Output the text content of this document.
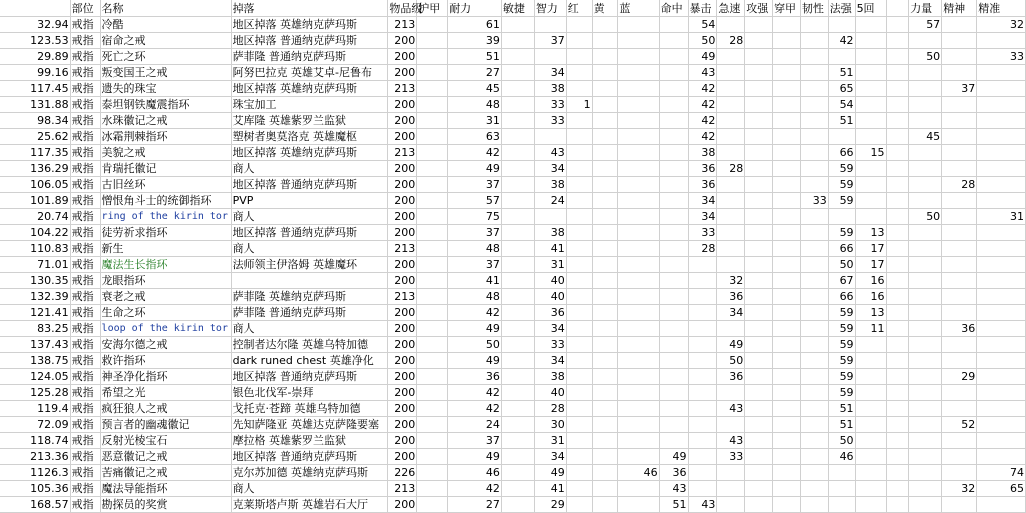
	部位	名称	掉落	物品级	护甲	耐力	敏捷	智力	红	黄	蓝	命中	暴击	急速	攻强	穿甲	韧性	法强	5回		力量	精神	精准
32.94	戒指	冷酷	地区掉落 英雄纳克萨玛斯	213		61							54								57		32
123.53	戒指	宿命之戒	地区掉落 普通纳克萨玛斯	200		39		37					50	28				42					
29.89	戒指	死亡之环	萨菲隆 普通纳克萨玛斯	200		51							49								50		33
99.16	戒指	叛变国王之戒	阿努巴拉克 英雄艾卓-尼鲁布	200		27		34					43					51					
117.45	戒指	遗失的珠宝	地区掉落 英雄纳克萨玛斯	213		45		38					42					65				37	
131.88	戒指	泰坦钢铁魔震指环	珠宝加工	200		48		33	1				42					54					
98.34	戒指	水珠徽记之戒	艾库隆 英雄紫罗兰监狱	200		31		33					42					51					
25.62	戒指	冰霜荆棘指环	塑树者奥莫洛克 英雄魔枢	200		63							42								45		
117.35	戒指	美貌之戒	地区掉落 英雄纳克萨玛斯	213		42		43					38					66	15				
136.29	戒指	肯瑞托徽记	商人	200		49		34					36	28				59					
106.05	戒指	古旧丝环	地区掉落 普通纳克萨玛斯	200		37		38					36					59				28	
101.89	戒指	憎恨角斗士的统御指环	PVP	200		57		24					34				33	59					
20.74	戒指	ring of the kirin tor	商人	200		75							34								50		31
104.22	戒指	徒劳祈求指环	地区掉落 普通纳克萨玛斯	200		37		38					33					59	13				
110.83	戒指	新生	商人	213		48		41					28					66	17				
71.01	戒指	魔法生长指环	法师领主伊洛姆 英雄魔环	200		37		31										50	17				
130.35	戒指	龙眼指环		200		41		40						32				67	16				
132.39	戒指	衰老之戒	萨菲隆 英雄纳克萨玛斯	213		48		40						36				66	16				
121.41	戒指	生命之环	萨菲隆 普通纳克萨玛斯	200		42		36						34				59	13				
83.25	戒指	loop of the kirin tor	商人	200		49		34										59	11			36	
137.43	戒指	安海尔德之戒	控制者达尔隆 英雄乌特加德	200		50		33						49				59					
138.75	戒指	救许指环	dark runed chest 英雄净化	200		49		34						50				59					
124.05	戒指	神圣净化指环	地区掉落 普通纳克萨玛斯	200		36		38						36				59				29	
125.28	戒指	希望之光	银色北伐军-崇拜	200		42		40										59					
119.4	戒指	疯狂狼人之戒	戈托克·苍蹄 英雄乌特加德	200		42		28						43				51					
72.09	戒指	预言者的幽魂徽记	先知萨隆亚 英雄达克萨隆要塞	200		24		30										51				52	
118.74	戒指	反射光棱宝石	摩拉格 英雄紫罗兰监狱	200		37		31						43				50					
213.36	戒指	恶意徽记之戒	地区掉落 普通纳克萨玛斯	200		49		34				49		33				46					
1126.3	戒指	苦痛徽记之戒	克尔苏加德 英雄纳克萨玛斯	226		46		49			46	36											74
105.36	戒指	魔法导能指环	商人	213		42		41				43										32	65
168.57	戒指	勘探员的奖赏	克莱斯塔卢斯 英雄岩石大厅	200		27		29				51	43										
